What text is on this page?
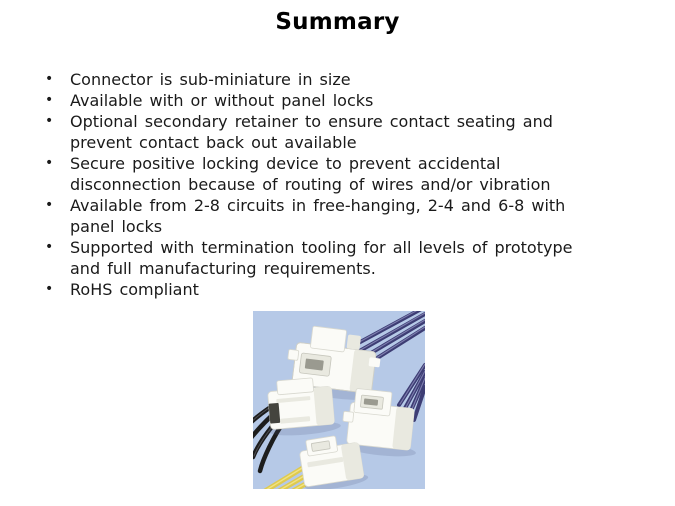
Summary
• Connector is sub-miniature in size
• Available with or without panel locks
• Optional secondary retainer to ensure contact seating and
prevent contact back out available
• Secure positive locking device to prevent accidental
disconnection because of routing of wires and/or vibration
• Available from 2-8 circuits in free-hanging, 2-4 and 6-8 with
panel locks
• Supported with termination tooling for all levels of prototype
and full manufacturing requirements.
• RoHS compliant
